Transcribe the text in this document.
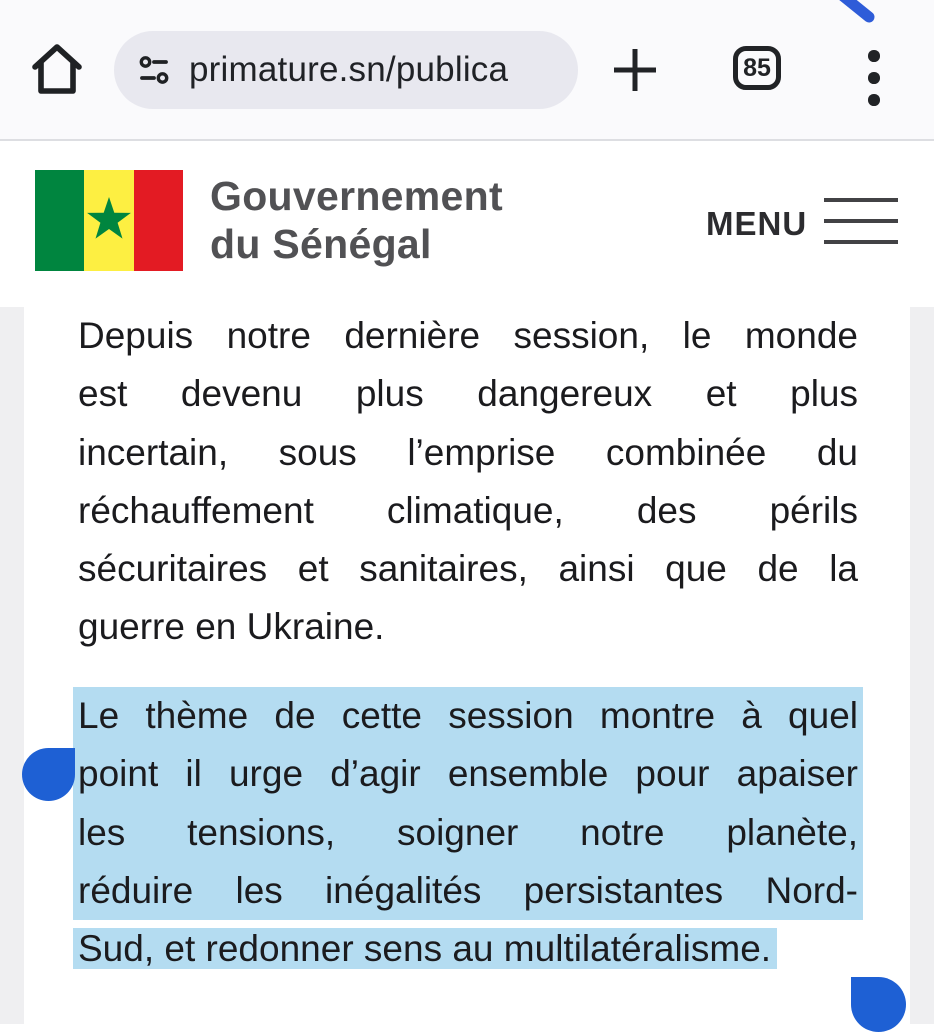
primature.sn/publica	85
Gouvernement
du Sénégal	MENU

Depuis notre dernière session, le monde
est devenu plus dangereux et plus
incertain, sous l’emprise combinée du
réchauffement climatique, des périls
sécuritaires et sanitaires, ainsi que de la
guerre en Ukraine.

Le thème de cette session montre à quel
point il urge d’agir ensemble pour apaiser
les tensions, soigner notre planète,
réduire les inégalités persistantes Nord-
Sud, et redonner sens au multilatéralisme.
